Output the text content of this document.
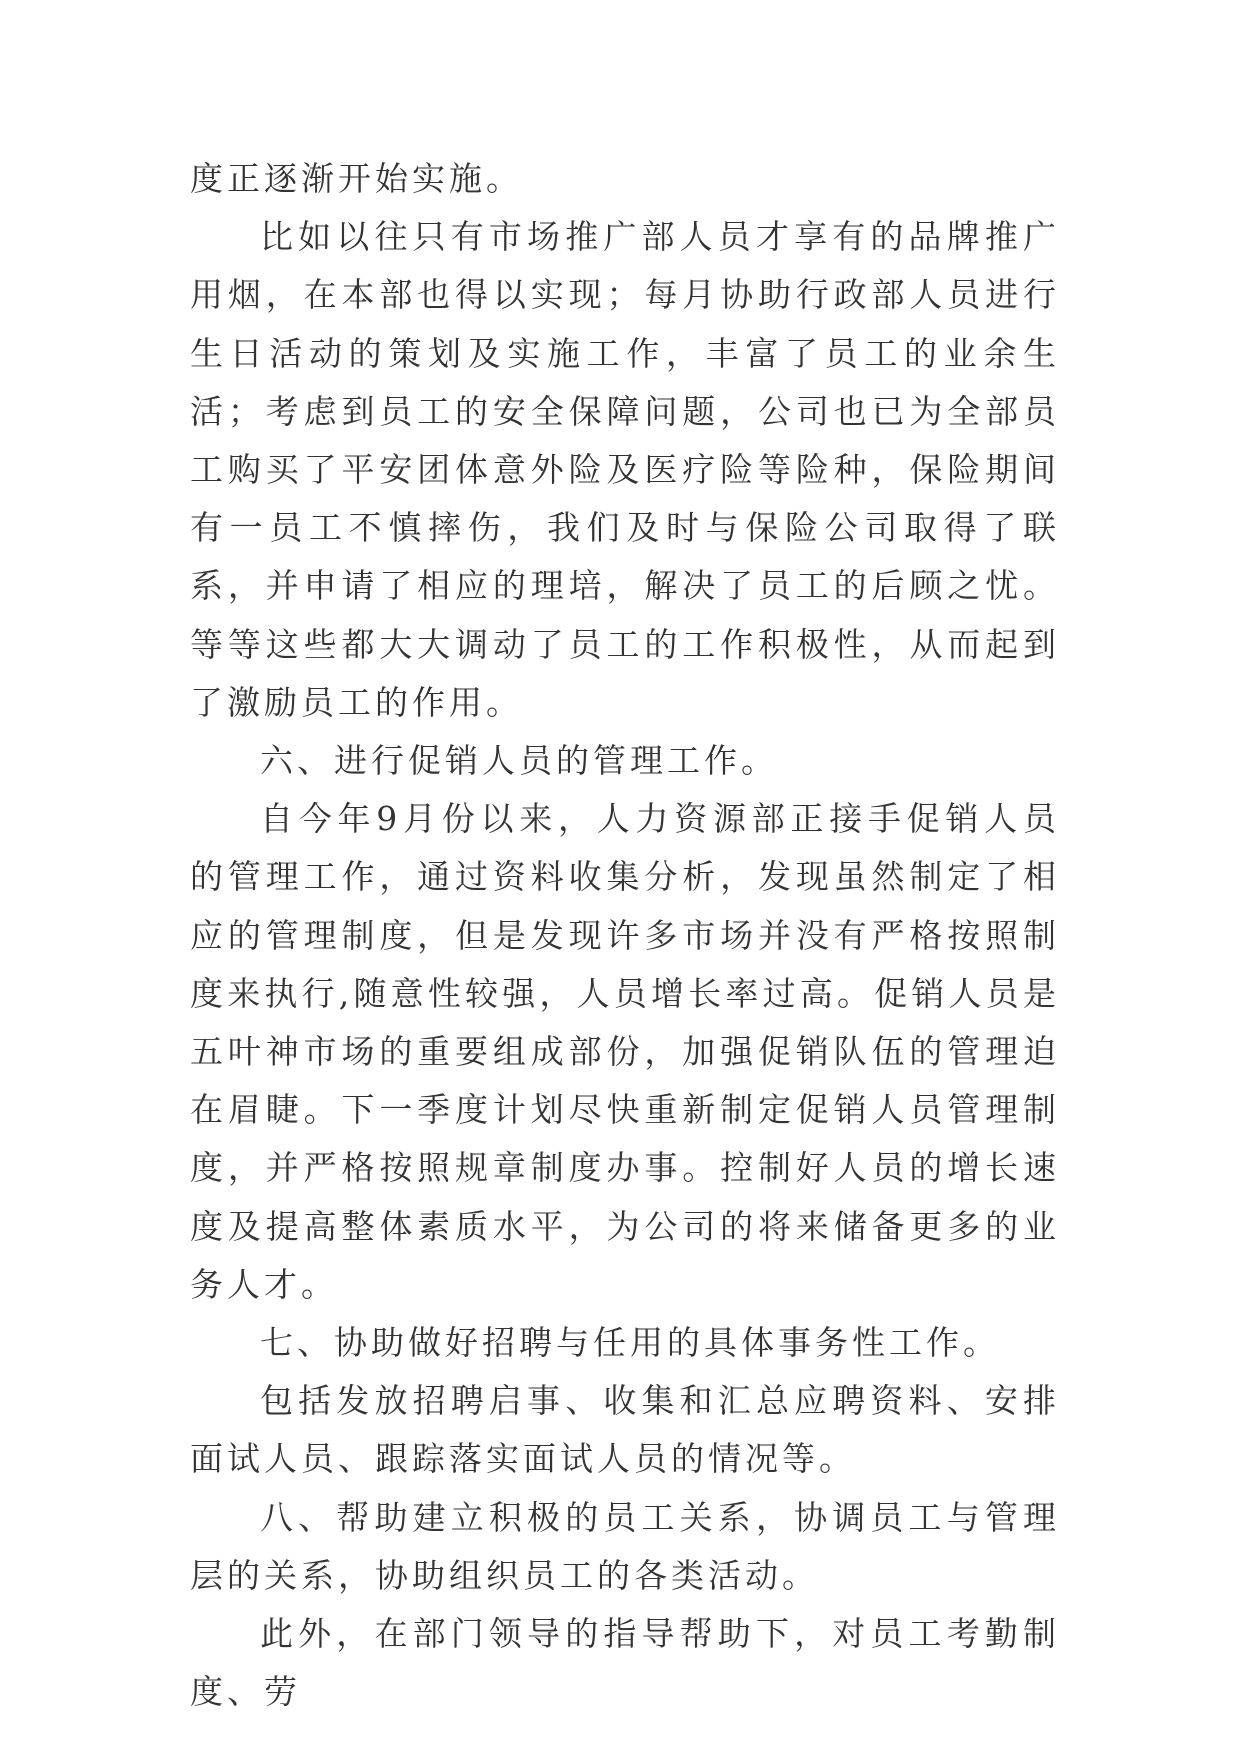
度正逐渐开始实施。

比如以往只有市场推广部人员才享有的品牌推广用烟，在本部也得以实现；每月协助行政部人员进行生日活动的策划及实施工作，丰富了员工的业余生活；考虑到员工的安全保障问题，公司也已为全部员工购买了平安团体意外险及医疗险等险种，保险期间有一员工不慎摔伤，我们及时与保险公司取得了联系，并申请了相应的理培，解决了员工的后顾之忧。等等这些都大大调动了员工的工作积极性，从而起到了激励员工的作用。

六、进行促销人员的管理工作。

自今年9月份以来，人力资源部正接手促销人员的管理工作，通过资料收集分析，发现虽然制定了相应的管理制度，但是发现许多市场并没有严格按照制度来执行,随意性较强，人员增长率过高。促销人员是五叶神市场的重要组成部份，加强促销队伍的管理迫在眉睫。下一季度计划尽快重新制定促销人员管理制度，并严格按照规章制度办事。控制好人员的增长速度及提高整体素质水平，为公司的将来储备更多的业务人才。

七、协助做好招聘与任用的具体事务性工作。

包括发放招聘启事、收集和汇总应聘资料、安排面试人员、跟踪落实面试人员的情况等。

八、帮助建立积极的员工关系，协调员工与管理层的关系，协助组织员工的各类活动。

此外，在部门领导的指导帮助下，对员工考勤制度、劳
